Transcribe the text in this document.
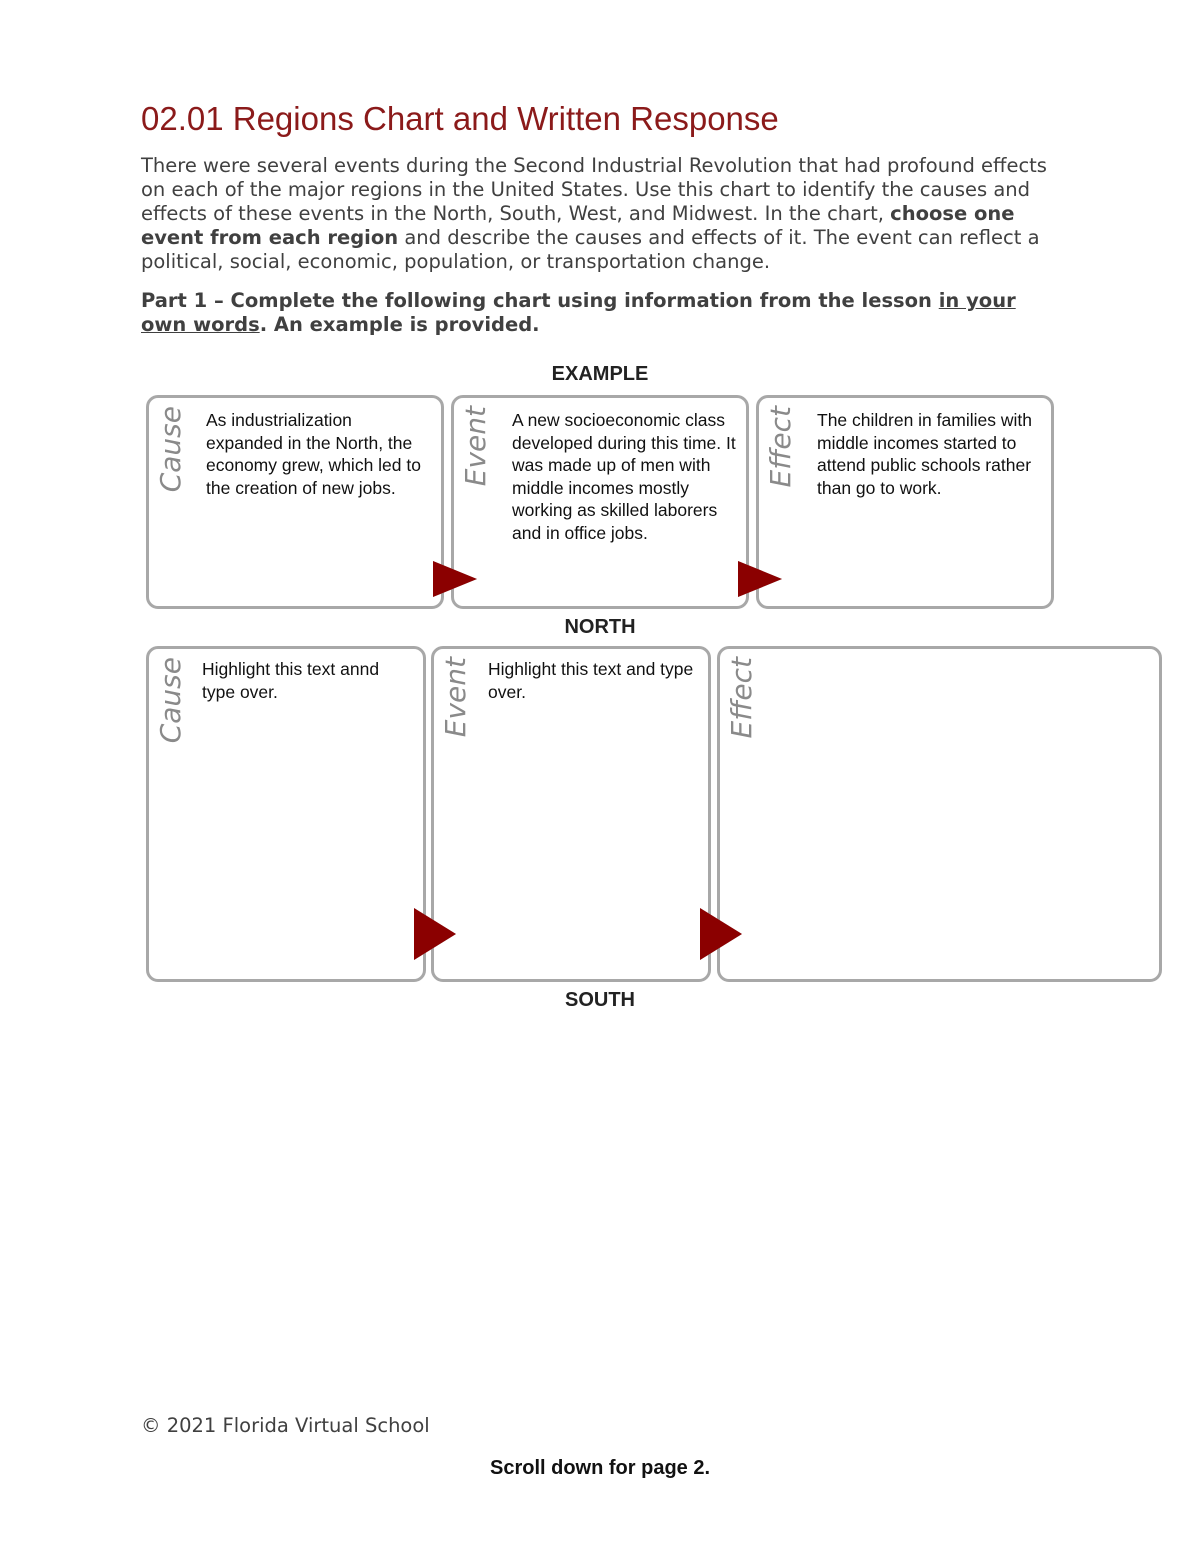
02.01 Regions Chart and Written Response

There were several events during the Second Industrial Revolution that had profound effects on each of the major regions in the United States. Use this chart to identify the causes and effects of these events in the North, South, West, and Midwest. In the chart, choose one event from each region and describe the causes and effects of it. The event can reflect a political, social, economic, population, or transportation change.

Part 1 – Complete the following chart using information from the lesson in your own words. An example is provided.

EXAMPLE
Cause As industrialization expanded in the North, the economy grew, which led to the creation of new jobs.
Event A new socioeconomic class developed during this time. It was made up of men with middle incomes mostly working as skilled laborers and in office jobs.
Effect The children in families with middle incomes started to attend public schools rather than go to work.
NORTH
Cause Highlight this text annd type over.	Event Highlight this text and type over.	Effect
SOUTH
© 2021 Florida Virtual School
Scroll down for page 2.
